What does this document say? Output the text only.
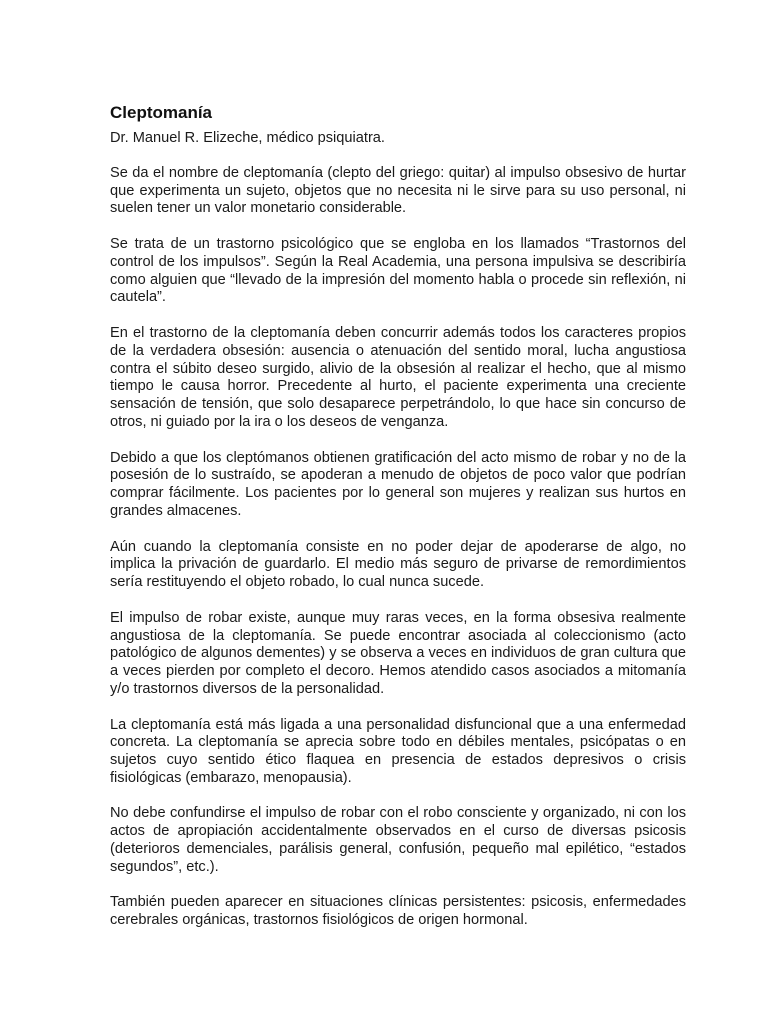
Cleptomanía
Dr. Manuel R. Elizeche, médico psiquiatra.

Se da el nombre de cleptomanía (clepto del griego: quitar) al impulso obsesivo de hurtar que experimenta un sujeto, objetos que no necesita ni le sirve para su uso personal, ni suelen tener un valor monetario considerable.

Se trata de un trastorno psicológico que se engloba en los llamados “Trastornos del control de los impulsos”. Según la Real Academia, una persona impulsiva se describiría como alguien que “llevado de la impresión del momento habla o procede sin reflexión, ni cautela”.

En el trastorno de la cleptomanía deben concurrir además todos los caracteres propios de la verdadera obsesión: ausencia o atenuación del sentido moral, lucha angustiosa contra el súbito deseo surgido, alivio de la obsesión al realizar el hecho, que al mismo tiempo le causa horror. Precedente al hurto, el paciente experimenta una creciente sensación de tensión, que solo desaparece perpetrándolo, lo que hace sin concurso de otros, ni guiado por la ira o los deseos de venganza.

Debido a que los cleptómanos obtienen gratificación del acto mismo de robar y no de la posesión de lo sustraído, se apoderan a menudo de objetos de poco valor que podrían comprar fácilmente. Los pacientes por lo general son mujeres y realizan sus hurtos en grandes almacenes.

Aún cuando la cleptomanía consiste en no poder dejar de apoderarse de algo, no implica la privación de guardarlo. El medio más seguro de privarse de remordimientos sería restituyendo el objeto robado, lo cual nunca sucede.

El impulso de robar existe, aunque muy raras veces, en la forma obsesiva realmente angustiosa de la cleptomanía. Se puede encontrar asociada al coleccionismo (acto patológico de algunos dementes) y se observa a veces en individuos de gran cultura que a veces pierden por completo el decoro. Hemos atendido casos asociados a mitomanía y/o trastornos diversos de la personalidad.

La cleptomanía está más ligada a una personalidad disfuncional que a una enfermedad concreta. La cleptomanía se aprecia sobre todo en débiles mentales, psicópatas o en sujetos cuyo sentido ético flaquea en presencia de estados depresivos o crisis fisiológicas (embarazo, menopausia).

No debe confundirse el impulso de robar con el robo consciente y organizado, ni con los actos de apropiación accidentalmente observados en el curso de diversas psicosis (deterioros demenciales, parálisis general, confusión, pequeño mal epilético, “estados segundos”, etc.).

También pueden aparecer en situaciones clínicas persistentes: psicosis, enfermedades cerebrales orgánicas, trastornos fisiológicos de origen hormonal.
